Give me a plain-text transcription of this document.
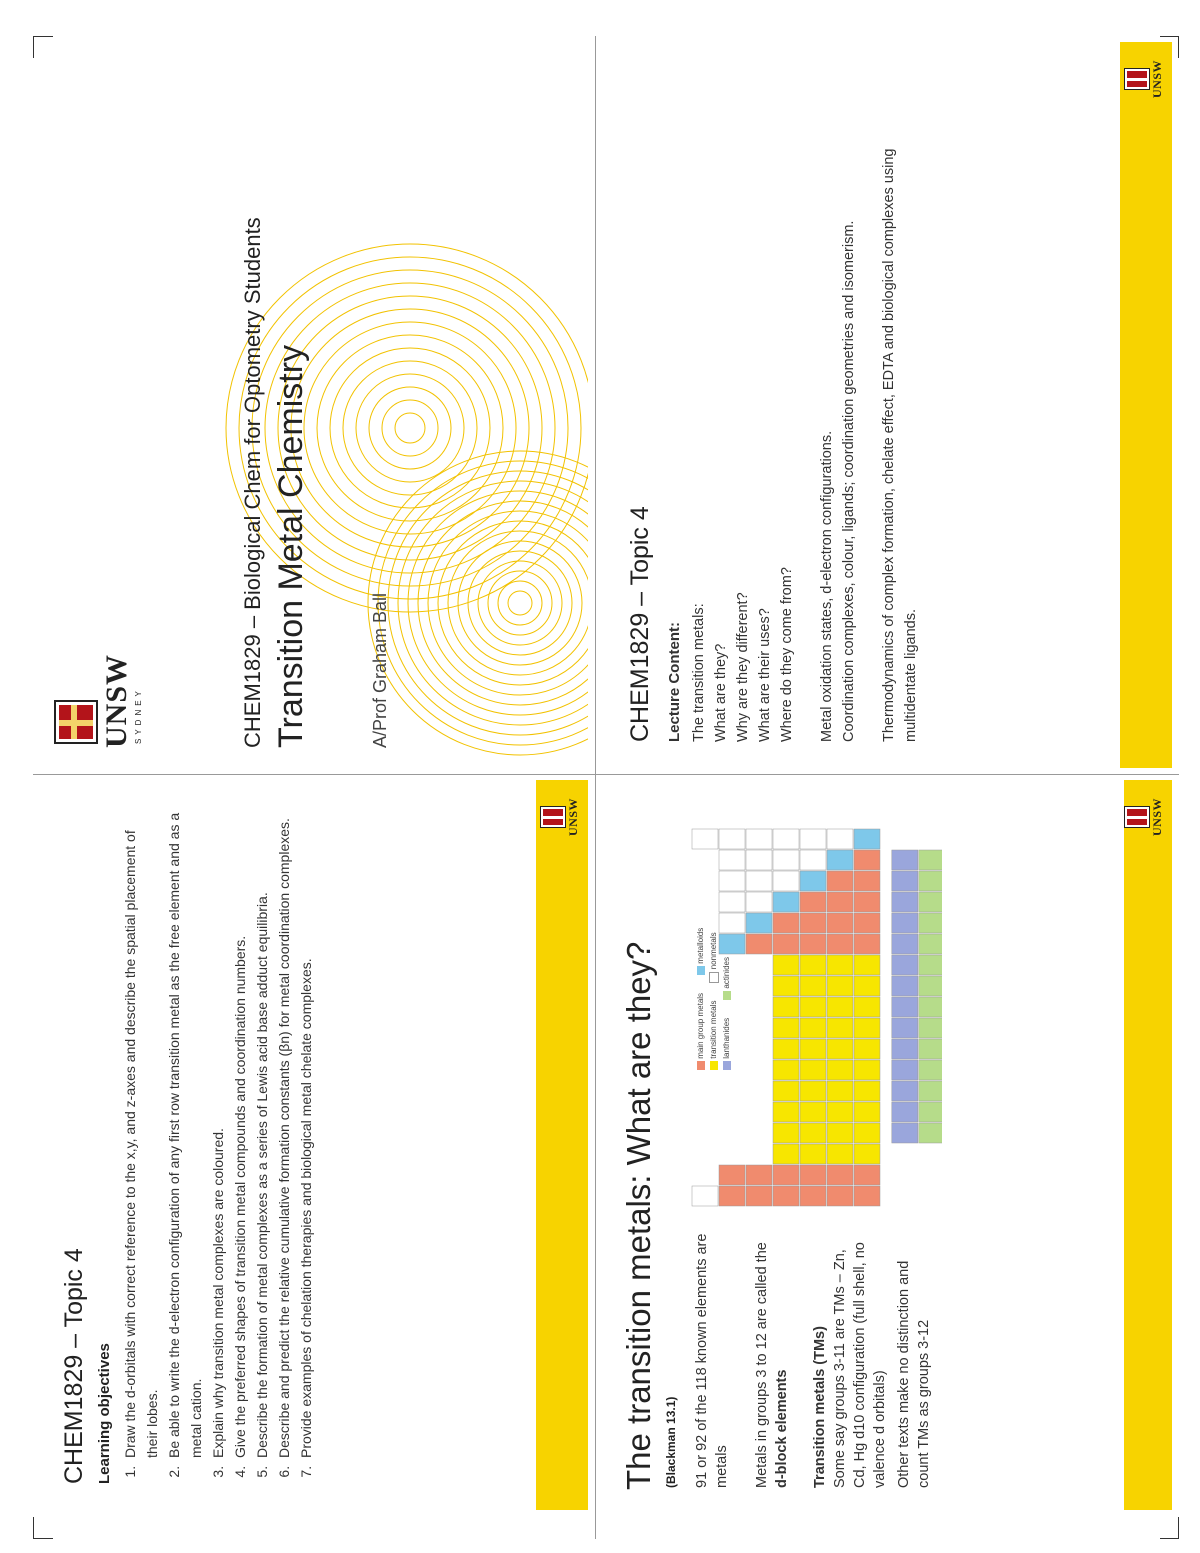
UNSW SYDNEY	CHEM1829 – Biological Chem for Optometry Students Transition Metal Chemistry	A/Prof Graham Ball	CHEM1829 – Topic 4 Lecture Content: The transition metals: What are they? Why are they different? What are their uses? Where do they come from? Metal oxidation states, d-electron configurations. Coordination complexes, colour, ligands; coordination geometries and isomerism. Thermodynamics of complex formation, chelate effect, EDTA and biological complexes using multidentate ligands.
UNSW
CHEM1829 – Topic 4 Learning objectives 1. Draw the d-orbitals with correct reference to the x,y, and z-axes and describe the spatial placement of their lobes. 2. Be able to write the d-electron configuration of any first row transition metal as the free element and as a metal cation. 3. Explain why transition metal complexes are coloured. 4. Give the preferred shapes of transition metal compounds and coordination numbers. 5. Describe the formation of metal complexes as a series of Lewis acid base adduct equilibria. 6. Describe and predict the relative cumulative formation constants (βn) for metal coordination complexes. 7. Provide examples of chelation therapies and biological metal chelate complexes.
UNSW
The transition metals: What are they? (Blackman 13.1) 91 or 92 of the 118 known elements are metals Metals in groups 3 to 12 are called the d-block elements Transition metals (TMs) Some say groups 3-11 are TMs – Zn, Cd, Hg d10 configuration (full shell, no valence d orbitals) Other texts make no distinction and count TMs as groups 3-12
main group metals
metalloids
transition metals
nonmetals
lanthanides
actinides
UNSW
